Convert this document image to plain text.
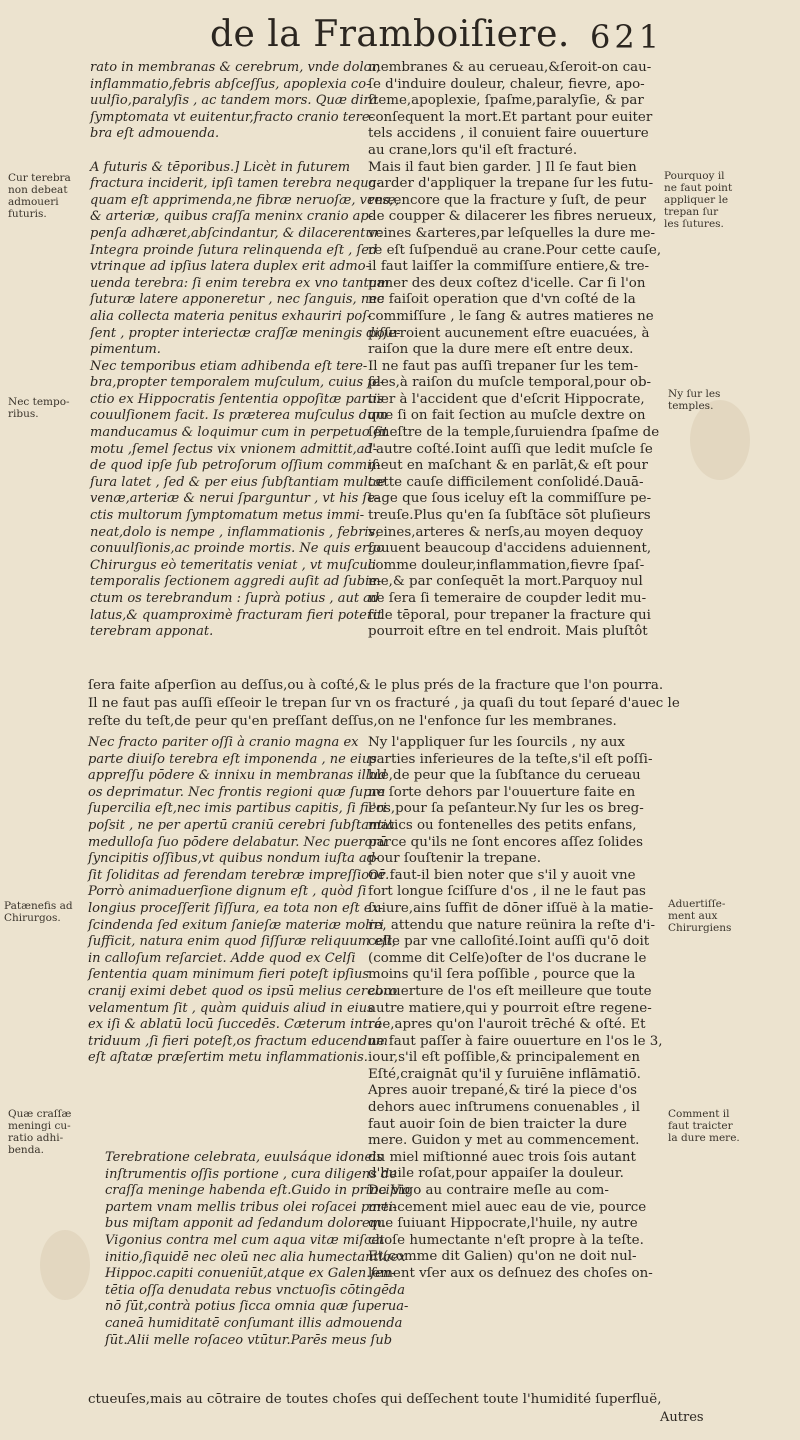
de la Framboiſiere. 621
rato in membranas & cerebrum, vnde dolor,
inflammatio,febris abſceſſus, apoplexia co-
uulſio,paralyſis , ac tandem mors. Quæ dira
ſymptomata vt euitentur,fracto cranio tere-
bra eſt admouenda.

A futuris & tēporibus.] Licèt in futurem
fractura inciderit, ipſi tamen terebra nequa-
quam eſt apprimenda,ne fibræ neruoſæ, venæ,
& arteriæ, quibus craſſa meninx cranio ap-
penſa adhæret,abſcindantur, & dilacerentur.
Integra proinde ſutura relinquenda eſt , ſed
vtrinque ad ipſius latera duplex erit admo-
uenda terebra: ſi enim terebra ex vno tantum
ſuturæ latere apponeretur , nec ſanguis, nec
alia collecta materia penitus exhauriri poſ-
ſent , propter interiectæ craſſæ meningis diſſe-
pimentum.
Nec temporibus etiam adhibenda eſt tere-
bra,propter temporalem muſculum, cuius ſe-
ctio ex Hippocratis ſententia oppoſitæ partis
couulſionem facit. Is præterea muſculus dum
manducamus & loquimur cum in perpetuo ſit
motu ,ſemel ſectus vix vnionem admittit,ad-
de quod ipſe ſub petroſorum oſſium commiſ-
ſura latet , ſed & per eius ſubſtantiam multæ
venæ,arteriæ & nerui ſparguntur , vt his ſe-
ctis multorum ſymptomatum metus immi-
neat,dolo is nempe , inflammationis , febris,
conuulſionis,ac proinde mortis. Ne quis ergo
Chirurgus eò temeritatis veniat , vt muſculi
temporalis ſectionem aggredi auſit ad ſubie-
ctum os terebrandum : ſuprà potius , aut ad
latus,& quamproximè fracturam fieri poterit
terebram apponat.
membranes & au cerueau,&ſeroit-on cau-
ſe d'induire douleur, chaleur, fievre, apo-
ſteme,apoplexie, ſpaſme,paralyſie, & par
conſequent la mort.Et partant pour euiter
tels accidens , il conuient faire ouuerture
au crane,lors qu'il eſt fracturé.
Mais il faut bien garder. ] Il ſe faut bien
garder d'appliquer la trepane ſur les futu-
res,encore que la fracture y ſuſt, de peur
de coupper & dilacerer les fibres nerueux,
veines &arteres,par leſquelles la dure me-
re eſt ſuſpenduë au crane.Pour cette cauſe,
il faut laiſſer la commiſſure entiere,& tre-
paner des deux coſtez d'icelle. Car ſi l'on
ne faiſoit operation que d'vn coſté de la
commiſſure , le ſang & autres matieres ne
pourroient aucunement eſtre euacuées, à
raiſon que la dure mere eſt entre deux.
Il ne faut pas auſſi trepaner ſur les tem-
ples,à raiſon du muſcle temporal,pour ob-
uier à l'accident que d'eſcrit Hippocrate,
que ſi on fait ſection au muſcle dextre on
ſeneſtre de la temple,ſuruiendra ſpaſme de
l'autre coſté.Ioint auſſi que ledit muſcle ſe
meut en maſchant & en parlāt,& eſt pour
cette cauſe difficilement conſolidé.Dauā-
tage que ſous iceluy eſt la commiſſure pe-
treuſe.Plus qu'en ſa ſubſtāce sōt pluſieurs
veines,arteres & nerſs,au moyen dequoy
ſouuent beaucoup d'accidens aduiennent,
comme douleur,inflammation,fievre ſpaſ-
me,& par conſequēt la mort.Parquoy nul
ne ſera ſi temeraire de coupder ledit mu-
ſcle tēporal, pour trepaner la fracture qui
pourroit eſtre en tel endroit. Mais pluſtôt
ſera faite aſperſion au deſſus,ou à coſté,& le plus prés de la fracture que l'on pourra.
Il ne faut pas auſſi eſſeoir le trepan ſur vn os fracturé , ja quaſi du tout ſeparé d'auec le
reſte du teſt,de peur qu'en preſſant deſſus,on ne l'enfonce ſur les membranes.
Nec fracto pariter oſſi à cranio magna ex
parte diuiſo terebra eſt imponenda , ne eius
appreſſu pōdere & innixu in membranas illud
os deprimatur. Nec frontis regioni quæ ſupra
ſupercilia eſt,nec imis partibus capitis, ſi fieri
poſsit , ne per apertū craniū cerebri ſubſtantia
medulloſa ſuo pōdere delabatur. Nec puerorū
ſyncipitis oſſibus,vt quibus nondum iuſta ad-
ſit ſoliditas ad ferendam terebræ impreſſionē.
Porrò animaduerſione dignum eſt , quòd ſi
longius proceſſerit ſiſſura, ea tota non eſt ex-
ſcindenda ſed exitum ſanieſæ materiæ moliri
ſufficit, natura enim quod ſiſſuræ reliquum eſt,
in calloſum reſarciet. Adde quod ex Celſi
ſententia quam minimum fieri poteſt ipſius
cranij eximi debet quod os ipsū melius cerebro
velamentum ſit , quàm quiduis aliud in eius
ex iſi & ablatū locū ſuccedēs. Cæterum intra
triduum ,ſi fieri poteſt,os fractum educendum
eſt aſtatæ præſertim metu inflammationis.
Terebratione celebrata, euulsáque idoneis
inſtrumentis oſſis portione , cura diligens de
craſſa meninge habenda eſt.Guido in principio
partem vnam mellis tribus olei roſacei parti-
bus miſtam apponit ad ſedandum dolorem.
Vigonius contra mel cum aqua vitæ miſcet
initio,ſiquidē nec oleū nec alia humectantiaex
Hippoc.capiti conueniūt,atque ex Galen.ſen-
tētia oſſa denudata rebus vnctuoſis cōtingēda
nō ſūt,contrà potius ſicca omnia quæ ſuperua-
caneā humiditatē conſumant illis admouenda
ſūt.Alii melle roſaceo vtūtur.Parēs meus ſub
Ny l'appliquer ſur les ſourcils , ny aux
parties inferieures de la teſte,s'il eſt poſſi-
ble,de peur que la ſubſtance du cerueau
ne ſorte dehors par l'ouuerture faite en
l'os,pour ſa peſanteur.Ny ſur les os breg-
matics ou fontenelles des petits enfans,
parce qu'ils ne ſont encores aſſez ſolides
pour ſouſtenir la trepane.
Or faut-il bien noter que s'il y auoit vne
fort longue ſciſſure d'os , il ne le faut pas
ſuiure,ains ſuffit de dōner iſſuë à la matie-
re, attendu que nature reünira la reſte d'i-
celle par vne calloſité.Ioint auſſi qu'ō doit
(comme dit Celſe)oſter de l'os ducrane le
moins qu'il ſera poſſible , pource que la
couuerture de l'os eſt meilleure que toute
autre matiere,qui y pourroit eſtre regene-
rée,apres qu'on l'auroit trēché & oſté. Et
ne faut paſſer à faire ouuerture en l'os le 3,
iour,s'il eſt poſſible,& principalement en
Eſté,craignāt qu'il y ſuruiēne inflāmatiō.
Apres auoir trepané,& tiré la piece d'os
dehors auec inſtrumens conuenables , il
faut auoir ſoin de bien traicter la dure
mere. Guidon y met au commencement.
du miel miſtionné auec trois ſois autant
d'huile roſat,pour appaiſer la douleur.
De Vigo au contraire meſle au com-
mencement miel auec eau de vie, pource
que ſuiuant Hippocrate,l'huile, ny autre
choſe humectante n'eſt propre à la teſte.
Et(comme dit Galien) qu'on ne doit nul-
lement vſer aux os deſnuez des choſes on-
ctueuſes,mais au cōtraire de toutes choſes qui deſſechent toute l'humidité ſuperfluë,
Autres
Cur terebra
non debeat
admoueri
futuris.
Nec tempo-
ribus.
Patænefis ad
Chirurgos.
Quæ craſſæ
meningi cu-
ratio adhi-
benda.
Pourquoy il
ne faut point
appliquer le
trepan ſur
les ſutures.
Ny ſur les
temples.
Aduertiſſe-
ment aux
Chirurgiens
Comment il
faut traicter
la dure mere.
